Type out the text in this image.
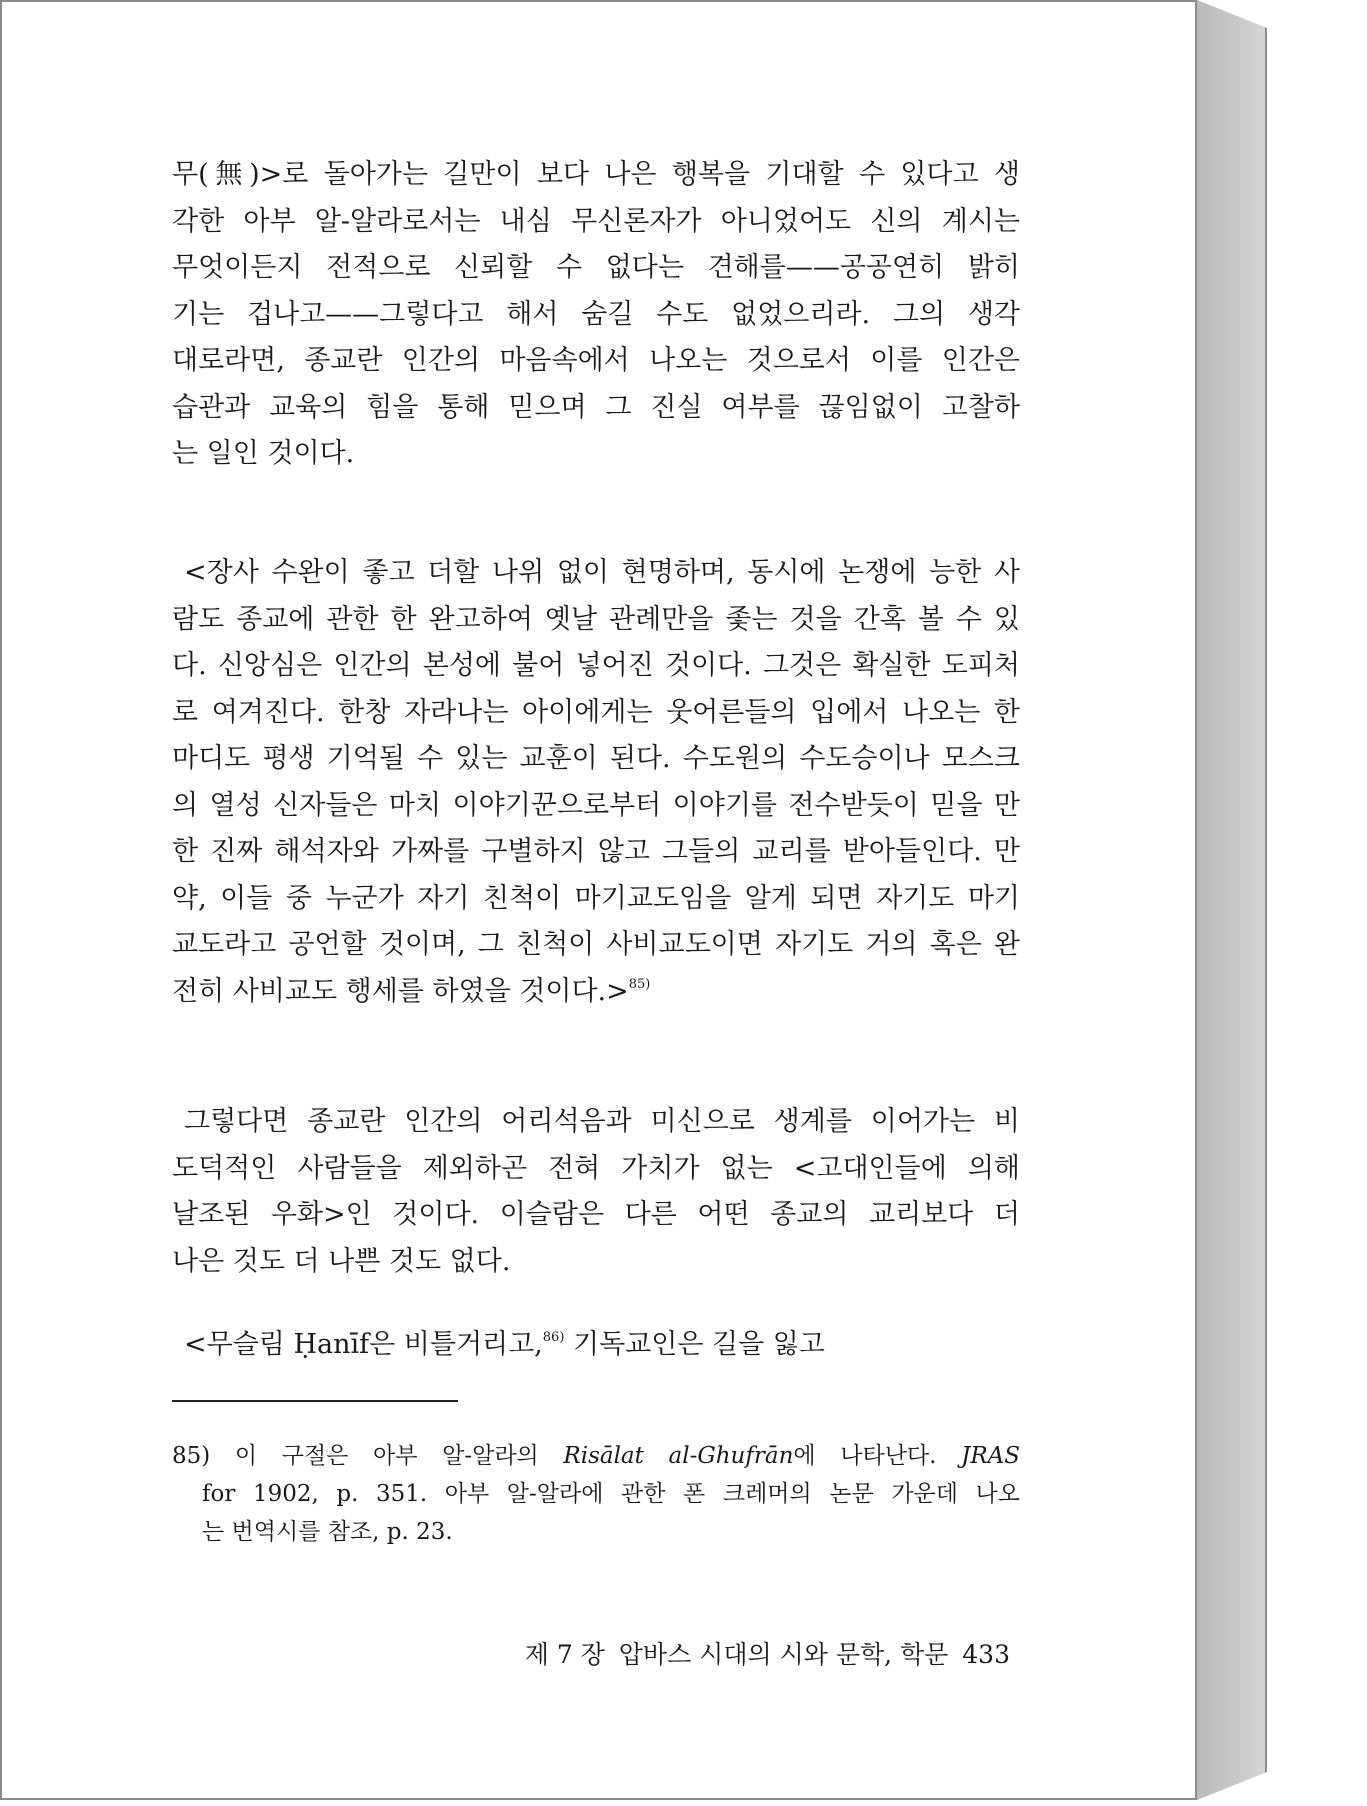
무(無)>로 돌아가는 길만이 보다 나은 행복을 기대할 수 있다고 생
각한 아부 알-알라로서는 내심 무신론자가 아니었어도 신의 계시는
무엇이든지 전적으로 신뢰할 수 없다는 견해를——공공연히 밝히
기는 겁나고——그렇다고 해서 숨길 수도 없었으리라. 그의 생각
대로라면, 종교란 인간의 마음속에서 나오는 것으로서 이를 인간은
습관과 교육의 힘을 통해 믿으며 그 진실 여부를 끊임없이 고찰하
는 일인 것이다.
<장사 수완이 좋고 더할 나위 없이 현명하며, 동시에 논쟁에 능한 사
람도 종교에 관한 한 완고하여 옛날 관례만을 좇는 것을 간혹 볼 수 있
다. 신앙심은 인간의 본성에 불어 넣어진 것이다. 그것은 확실한 도피처
로 여겨진다. 한창 자라나는 아이에게는 웃어른들의 입에서 나오는 한
마디도 평생 기억될 수 있는 교훈이 된다. 수도원의 수도승이나 모스크
의 열성 신자들은 마치 이야기꾼으로부터 이야기를 전수받듯이 믿을 만
한 진짜 해석자와 가짜를 구별하지 않고 그들의 교리를 받아들인다. 만
약, 이들 중 누군가 자기 친척이 마기교도임을 알게 되면 자기도 마기
교도라고 공언할 것이며, 그 친척이 사비교도이면 자기도 거의 혹은 완
전히 사비교도 행세를 하였을 것이다.>$^{85)}$
그렇다면 종교란 인간의 어리석음과 미신으로 생계를 이어가는 비
도덕적인 사람들을 제외하곤 전혀 가치가 없는 <고대인들에 의해
날조된 우화>인 것이다. 이슬람은 다른 어떤 종교의 교리보다 더
나은 것도 더 나쁜 것도 없다.
<무슬림 Ḥanīf은 비틀거리고,$^{86)}$ 기독교인은 길을 잃고
85) 이 구절은 아부 알-알라의 Risālat al-Ghufrān에 나타난다. JRAS
for 1902, p. 351. 아부 알-알라에 관한 폰 크레머의 논문 가운데 나오
는 번역시를 참조, p. 23.
제 7 장 압바스 시대의 시와 문학, 학문 433
